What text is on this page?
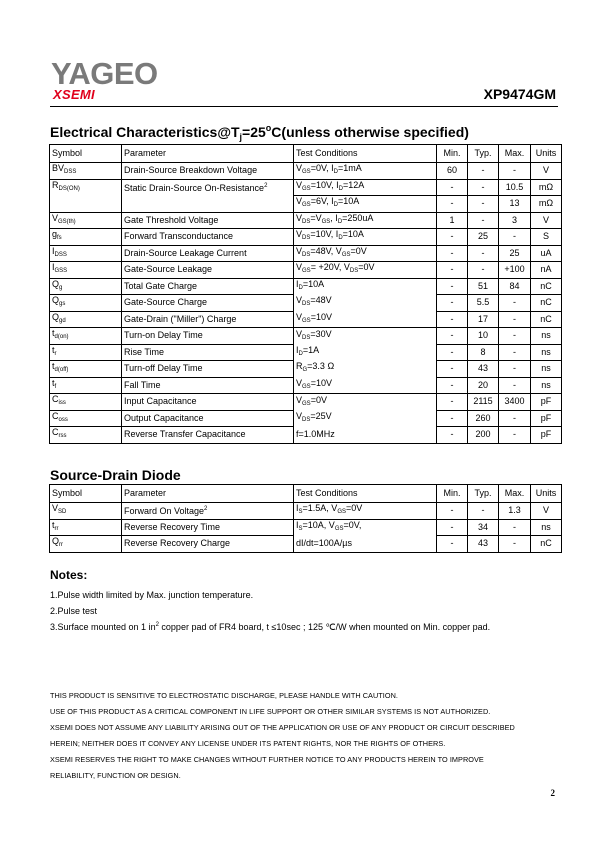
YAGEO
XSEMI	XP9474GM
Electrical $Characteristics@T_j=25^oC(unless$ otherwise specified)
Symbol	Parameter	Test Conditions	Min.	Typ.	Max.	Units
$BV_{DSS}$	Drain-Source Breakdown Voltage	$V_{GS}=0V$, $I_D=1mA$	60	-	-	V
$R_{DS(ON)}$	Static Drain-Source On-Resistance$^2$	$V_{GS}=10V$, $I_D=12A$	-	-	10.5	mΩ
		$V_{GS}=6V$, $I_D=10A$	-	-	13	mΩ
$V_{GS(th)}$	Gate Threshold Voltage	$V_{DS}=V_{GS}$, $I_D=250uA$	1	-	3	V
$g_{fs}$	Forward Transconductance	$V_{DS}=10V$, $I_D=10A$	-	25	-	S
$I_{DSS}$	Drain-Source Leakage Current	$V_{DS}=48V$, $V_{GS}=0V$	-	-	25	uA
$I_{GSS}$	Gate-Source Leakage	$V_{GS}= +20V$, $V_{DS}=0V$	-	-	+100	nA
$Q_g$	Total Gate Charge	$I_D=10A$	-	51	84	nC
$Q_{gs}$	Gate-Source Charge	$V_{DS}=48V$	-	5.5	-	nC
$Q_{gd}$	Gate-Drain ("Miller") Charge	$V_{GS}=10V$	-	17	-	nC
$t_{d(on)}$	Turn-on Delay Time	$V_{DS}=30V$	-	10	-	ns
$t_r$	Rise Time	$I_D=1A$	-	8	-	ns
$t_{d(off)}$	Turn-off Delay Time	$R_G=3.3$ Ω	-	43	-	ns
$t_f$	Fall Time	$V_{GS}=10V$	-	20	-	ns
$C_{iss}$	Input Capacitance	$V_{GS}=0V$	-	2115	3400	pF
$C_{oss}$	Output Capacitance	$V_{DS}=25V$	-	260	-	pF
$C_{rss}$	Reverse Transfer Capacitance	f=1.0MHz	-	200	-	pF
Source-Drain Diode
Symbol	Parameter	Test Conditions	Min.	Typ.	Max.	Units
$V_{SD}$	Forward On Voltage$^2$	$I_S=1.5A$, $V_{GS}=0V$	-	-	1.3	V
$t_{rr}$	Reverse Recovery Time	$I_S=10A$, $V_{GS}=0V$,	-	34	-	ns
$Q_{rr}$	Reverse Recovery Charge	dI/dt=100A/µs	-	43	-	nC
Notes:
1.Pulse width limited by Max. junction temperature.
2.Pulse test
3.Surface mounted on 1 $in^2$ copper pad of FR4 board, t ≤10sec ; 125 ℃/W when mounted on Min. copper pad.
THIS PRODUCT IS SENSITIVE TO ELECTROSTATIC DISCHARGE, PLEASE HANDLE WITH CAUTION.
USE OF THIS PRODUCT AS A CRITICAL COMPONENT IN LIFE SUPPORT OR OTHER SIMILAR SYSTEMS IS NOT AUTHORIZED.
XSEMI DOES NOT ASSUME ANY LIABILITY ARISING OUT OF THE APPLICATION OR USE OF ANY PRODUCT OR CIRCUIT DESCRIBED
HEREIN; NEITHER DOES IT CONVEY ANY LICENSE UNDER ITS PATENT RIGHTS, NOR THE RIGHTS OF OTHERS.
XSEMI RESERVES THE RIGHT TO MAKE CHANGES WITHOUT FURTHER NOTICE TO ANY PRODUCTS HEREIN TO IMPROVE
RELIABILITY, FUNCTION OR DESIGN.
2
